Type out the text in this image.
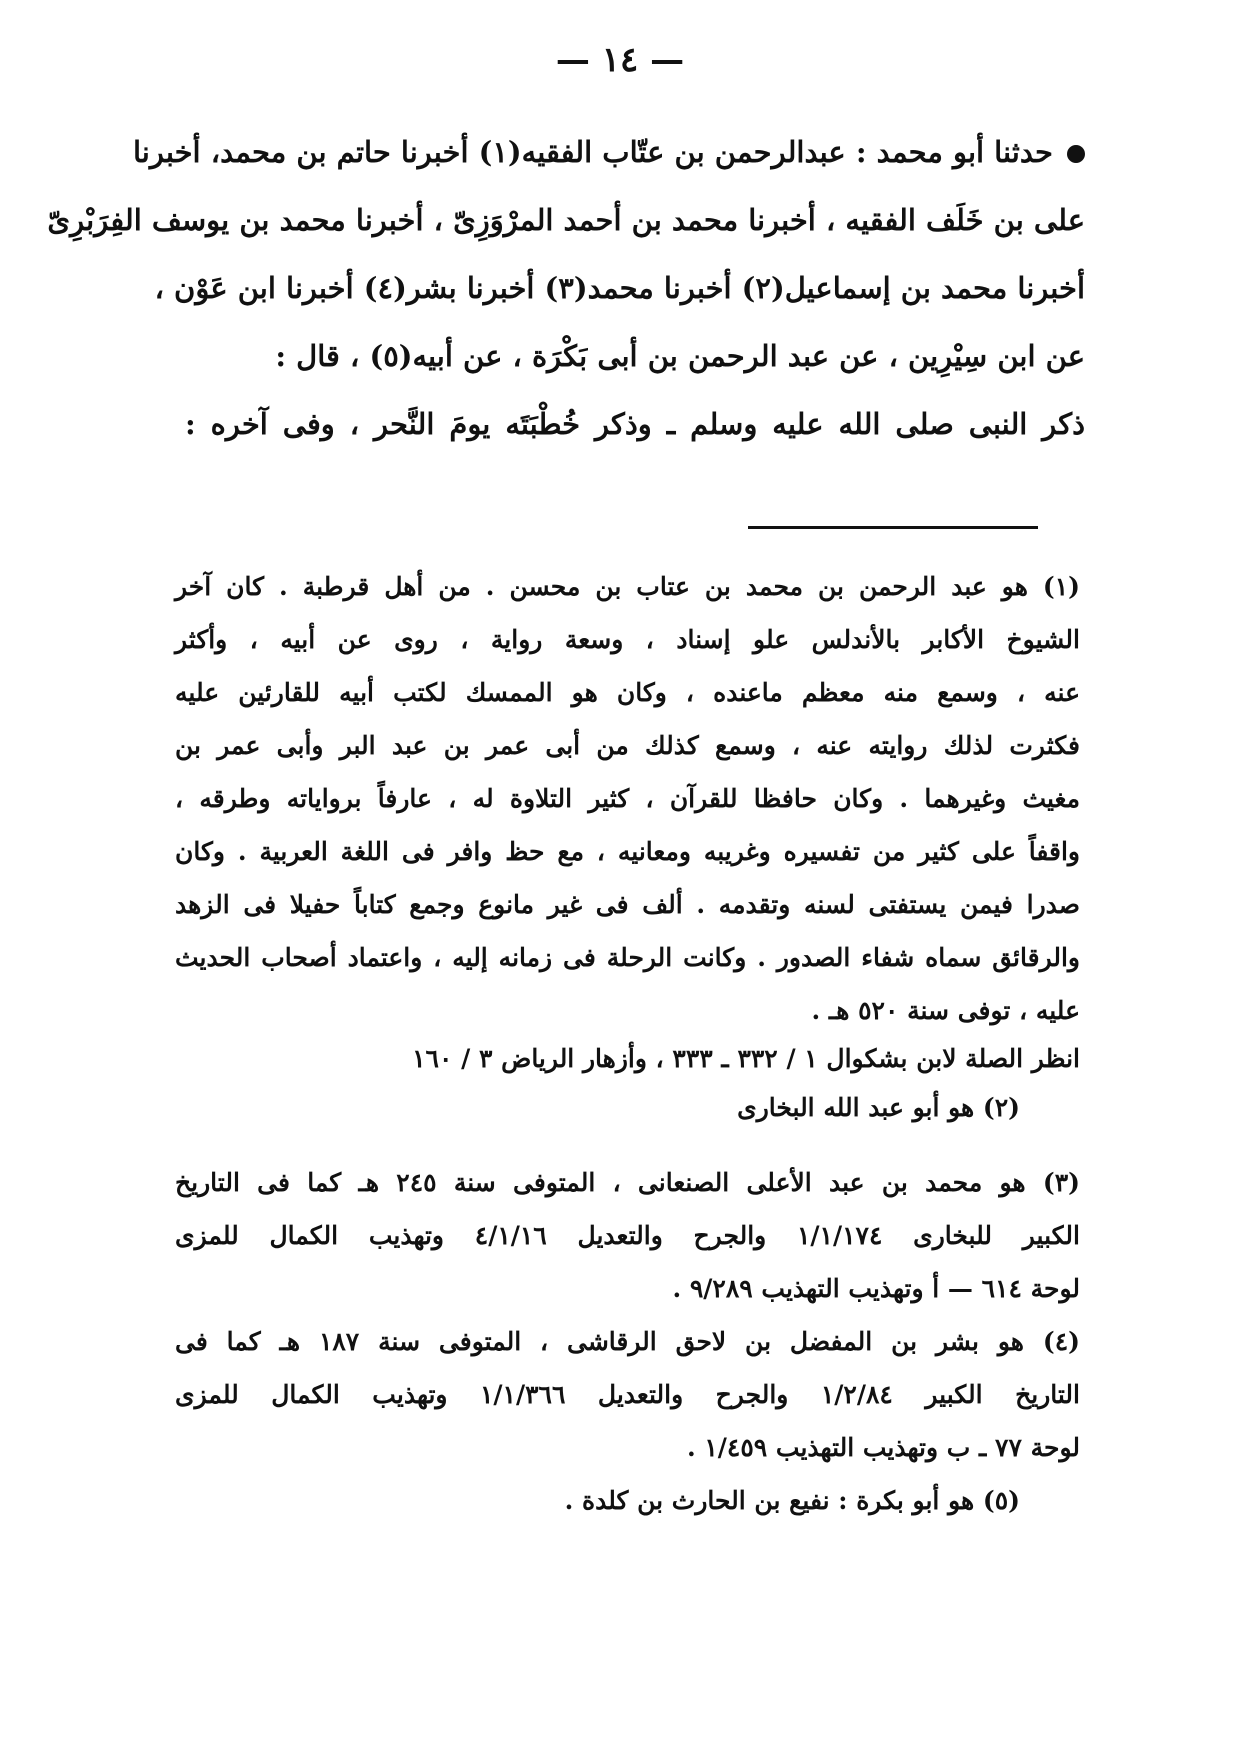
— ١٤ —
حدثنا أبو محمد : عبدالرحمن بن عتّاب الفقيه(١) أخبرنا حاتم بن محمد، أخبرنا
على بن خَلَف الفقيه ، أخبرنا محمد بن أحمد المرْوَزِىّ ، أخبرنا محمد بن يوسف الفِرَبْرِىّ
أخبرنا محمد بن إسماعيل(٢) أخبرنا محمد(٣) أخبرنا بشر(٤) أخبرنا ابن عَوْن ،
عن ابن سِيْرِين ، عن عبد الرحمن بن أبى بَكْرَة ، عن أبيه(٥) ، قال :
ذكر النبى صلى الله عليه وسلم ـ وذكر خُطْبَتَه يومَ النَّحر ، وفى آخره :
(١) هو عبد الرحمن بن محمد بن عتاب بن محسن . من أهل قرطبة . كان آخر
الشيوخ الأكابر بالأندلس علو إسناد ، وسعة رواية ، روى عن أبيه ، وأكثر
عنه ، وسمع منه معظم ماعنده ، وكان هو الممسك لكتب أبيه للقارئين عليه
فكثرت لذلك روايته عنه ، وسمع كذلك من أبى عمر بن عبد البر وأبى عمر بن
مغيث وغيرهما . وكان حافظا للقرآن ، كثير التلاوة له ، عارفاً برواياته وطرقه ،
واقفاً على كثير من تفسيره وغريبه ومعانيه ، مع حظ وافر فى اللغة العربية . وكان
صدرا فيمن يستفتى لسنه وتقدمه . ألف فى غير مانوع وجمع كتاباً حفيلا فى الزهد
والرقائق سماه شفاء الصدور . وكانت الرحلة فى زمانه إليه ، واعتماد أصحاب الحديث
عليه ، توفى سنة ٥٢٠ هـ .
انظر الصلة لابن بشكوال ١ / ٣٣٢ ـ ٣٣٣ ، وأزهار الرياض ٣ / ١٦٠
(٢) هو أبو عبد الله البخارى
(٣) هو محمد بن عبد الأعلى الصنعانى ، المتوفى سنة ٢٤٥ هـ كما فى التاريخ
الكبير للبخارى ١/١/١٧٤ والجرح والتعديل ٤/١/١٦ وتهذيب الكمال للمزى
لوحة ٦١٤ — أ وتهذيب التهذيب ٩/٢٨٩ .
(٤) هو بشر بن المفضل بن لاحق الرقاشى ، المتوفى سنة ١٨٧ هـ كما فى
التاريخ الكبير ١/٢/٨٤ والجرح والتعديل ١/١/٣٦٦ وتهذيب الكمال للمزى
لوحة ٧٧ ـ ب وتهذيب التهذيب ١/٤٥٩ .
(٥) هو أبو بكرة : نفيع بن الحارث بن كلدة .
